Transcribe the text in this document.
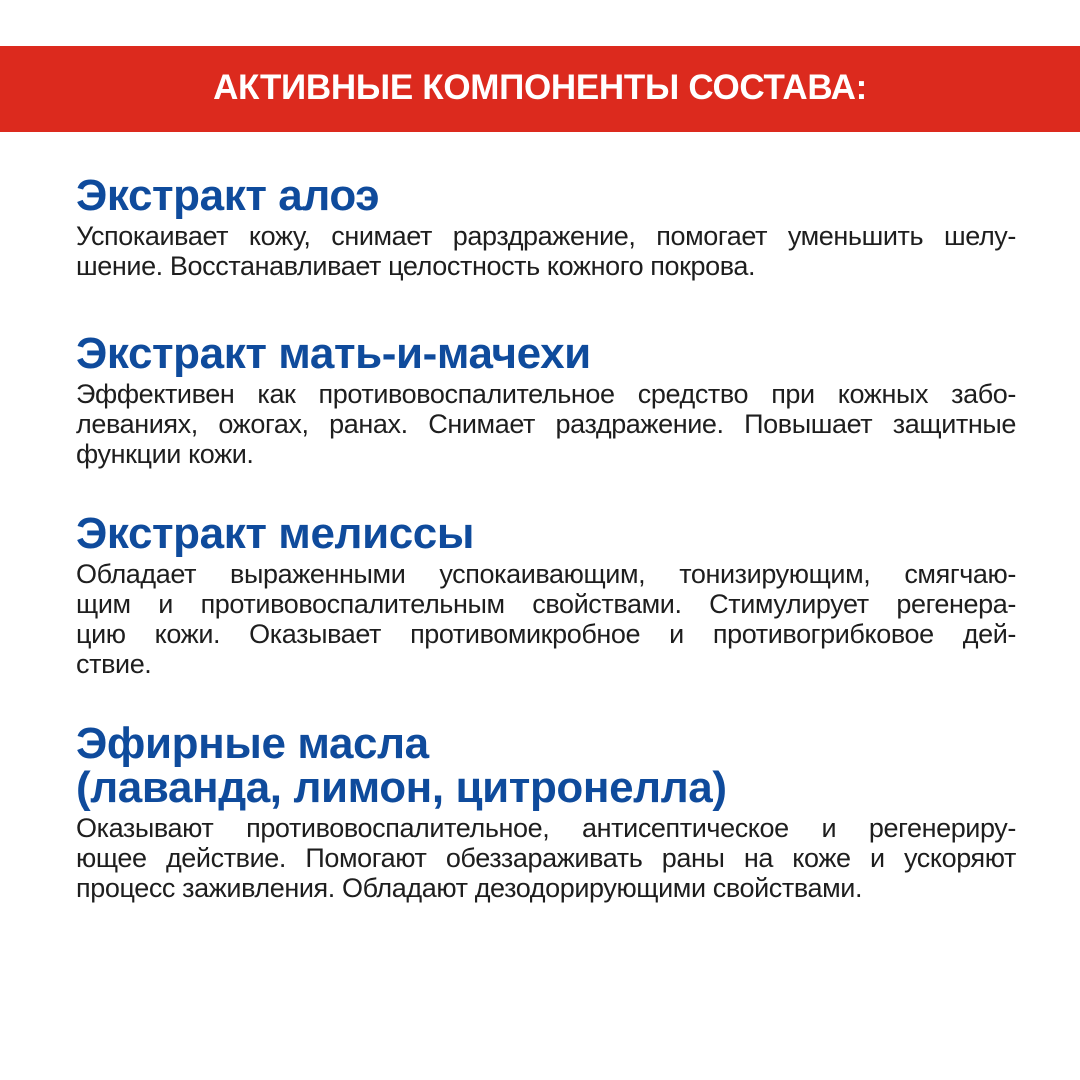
АКТИВНЫЕ КОМПОНЕНТЫ СОСТАВА:
Экстракт алоэ
Успокаивает кожу, снимает рарздражение, помогает уменьшить шелу-
шение. Восстанавливает целостность кожного покрова.
Экстракт мать-и-мачехи
Эффективен как противовоспалительное средство при кожных забо-
леваниях, ожогах, ранах. Снимает раздражение. Повышает защитные
функции кожи.
Экстракт мелиссы
Обладает выраженными успокаивающим, тонизирующим, смягчаю-
щим и противовоспалительным свойствами. Стимулирует регенера-
цию кожи. Оказывает противомикробное и противогрибковое дей-
ствие.
Эфирные масла
(лаванда, лимон, цитронелла)
Оказывают противовоспалительное, антисептическое и регенериру-
ющее действие. Помогают обеззараживать раны на коже и ускоряют
процесс заживления. Обладают дезодорирующими свойствами.
